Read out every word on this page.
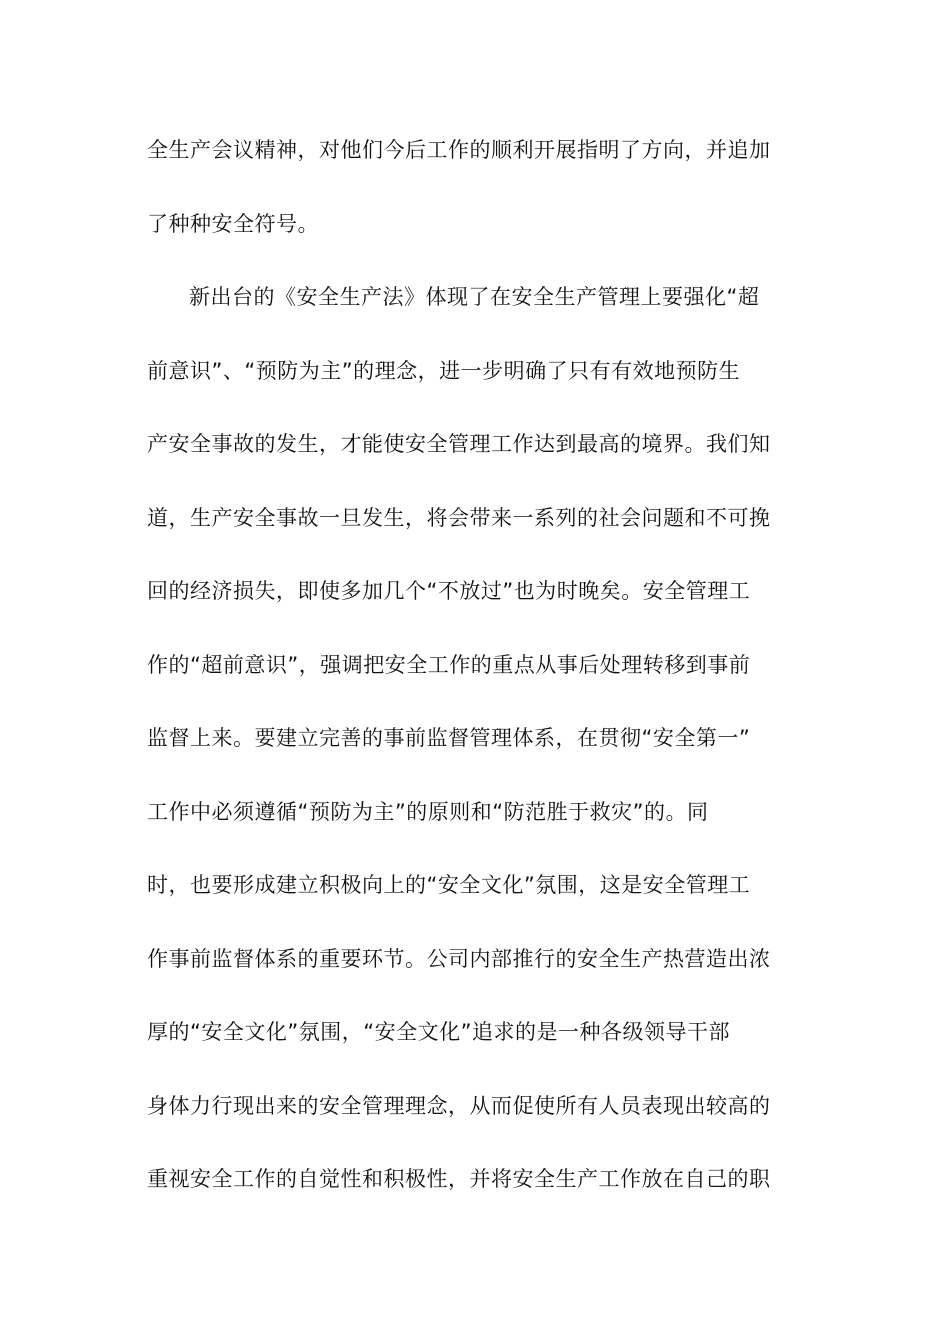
全生产会议精神，对他们今后工作的顺利开展指明了方向，并追加
了种种安全符号。
新出台的《安全生产法》体现了在安全生产管理上要强化“超
前意识”、“预防为主”的理念，进一步明确了只有有效地预防生
产安全事故的发生，才能使安全管理工作达到最高的境界。我们知
道，生产安全事故一旦发生，将会带来一系列的社会问题和不可挽
回的经济损失，即使多加几个“不放过”也为时晚矣。安全管理工
作的“超前意识”，强调把安全工作的重点从事后处理转移到事前
监督上来。要建立完善的事前监督管理体系，在贯彻“安全第一”
工作中必须遵循“预防为主”的原则和“防范胜于救灾”的。同
时，也要形成建立积极向上的“安全文化”氛围，这是安全管理工
作事前监督体系的重要环节。公司内部推行的安全生产热营造出浓
厚的“安全文化”氛围，“安全文化”追求的是一种各级领导干部
身体力行现出来的安全管理理念，从而促使所有人员表现出较高的
重视安全工作的自觉性和积极性，并将安全生产工作放在自己的职
